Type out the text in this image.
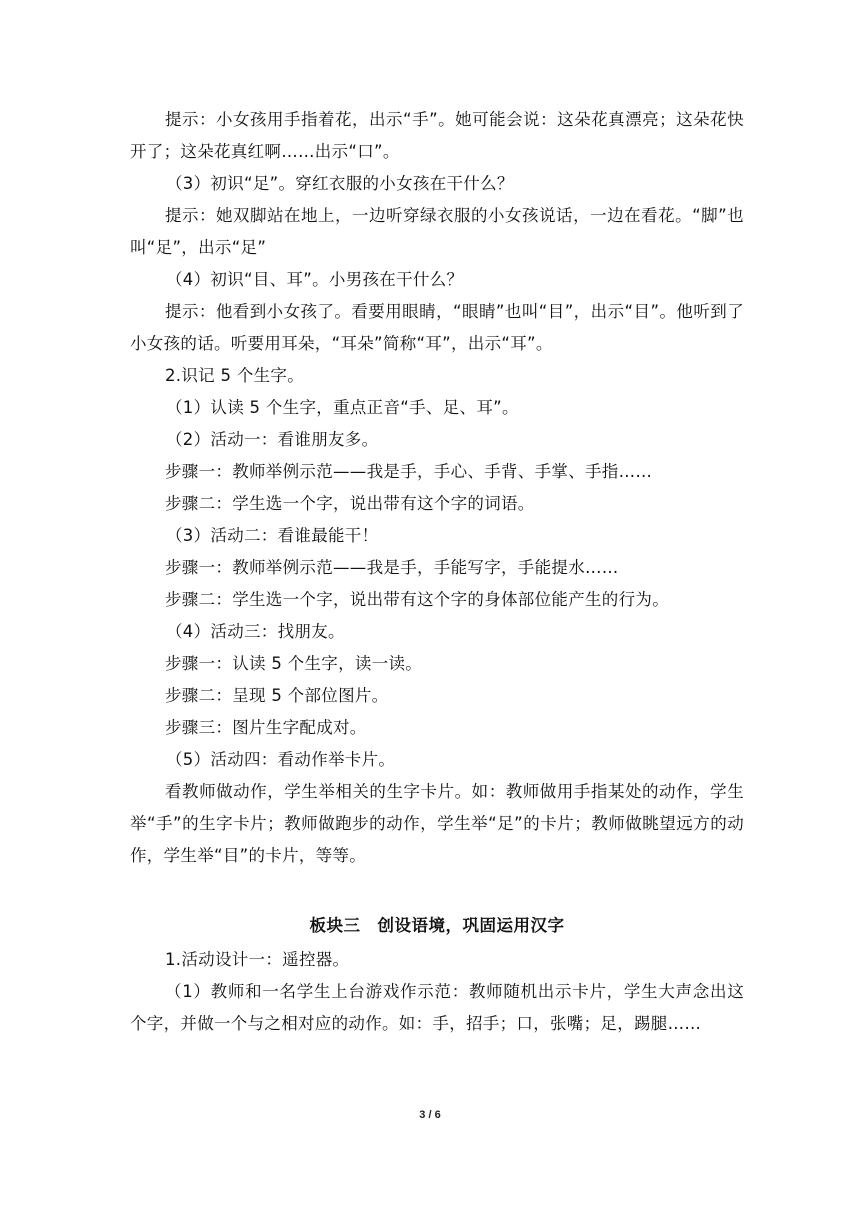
提示：小女孩用手指着花，出示“手”。她可能会说：这朵花真漂亮；这朵花快开了；这朵花真红啊……出示“口”。

（3）初识“足”。穿红衣服的小女孩在干什么？

提示：她双脚站在地上，一边听穿绿衣服的小女孩说话，一边在看花。“脚”也叫“足”，出示“足”

（4）初识“目、耳”。小男孩在干什么？

提示：他看到小女孩了。看要用眼睛，“眼睛”也叫“目”，出示“目”。他听到了小女孩的话。听要用耳朵，“耳朵”简称“耳”，出示“耳”。

2.识记 5 个生字。

（1）认读 5 个生字，重点正音“手、足、耳”。

（2）活动一：看谁朋友多。

步骤一：教师举例示范——我是手，手心、手背、手掌、手指……

步骤二：学生选一个字，说出带有这个字的词语。

（3）活动二：看谁最能干！

步骤一：教师举例示范——我是手，手能写字，手能提水……

步骤二：学生选一个字，说出带有这个字的身体部位能产生的行为。

（4）活动三：找朋友。

步骤一：认读 5 个生字，读一读。

步骤二：呈现 5 个部位图片。

步骤三：图片生字配成对。

（5）活动四：看动作举卡片。

看教师做动作，学生举相关的生字卡片。如：教师做用手指某处的动作，学生举“手”的生字卡片；教师做跑步的动作，学生举“足”的卡片；教师做眺望远方的动作，学生举“目”的卡片，等等。

板块三　创设语境，巩固运用汉字

1.活动设计一：遥控器。

（1）教师和一名学生上台游戏作示范：教师随机出示卡片，学生大声念出这个字，并做一个与之相对应的动作。如：手，招手；口，张嘴；足，踢腿……

3 / 6
